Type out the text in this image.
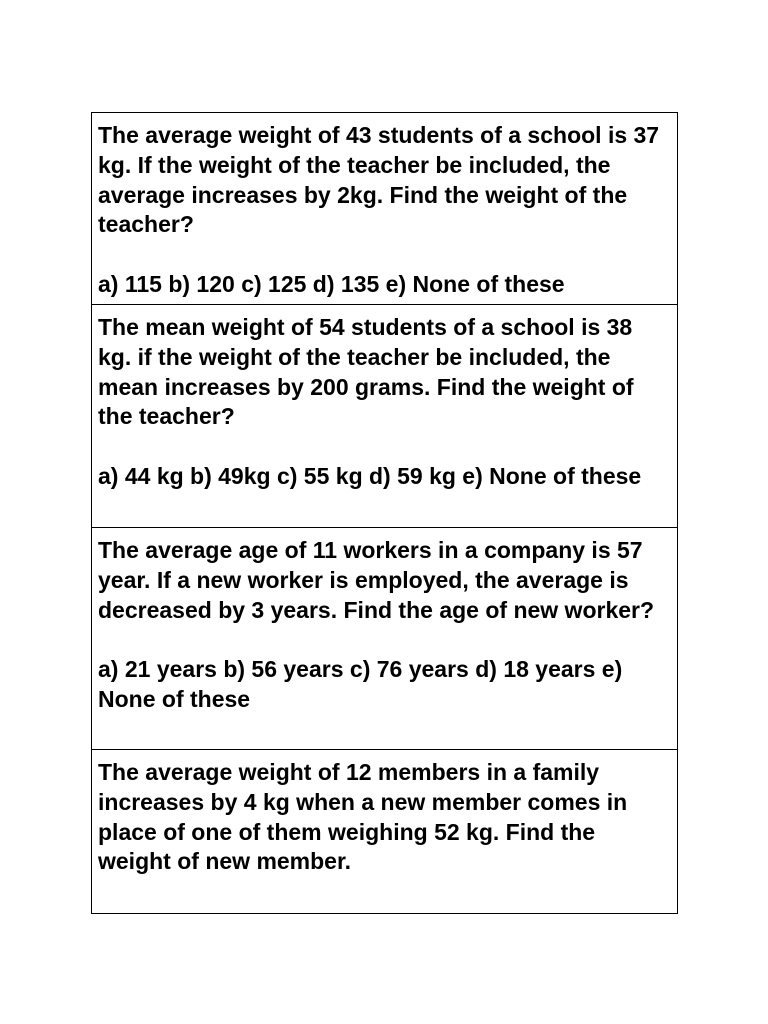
The average weight of 43 students of a school is 37 kg. If the weight of the teacher be included, the average increases by 2kg. Find the weight of the teacher?
a) 115 b) 120 c) 125 d) 135 e) None of these
The mean weight of 54 students of a school is 38 kg. if the weight of the teacher be included, the mean increases by 200 grams. Find the weight of the teacher?
a) 44 kg b) 49kg c) 55 kg d) 59 kg e) None of these
The average age of 11 workers in a company is 57 year. If a new worker is employed, the average is decreased by 3 years. Find the age of new worker?
a) 21 years b) 56 years c) 76 years d) 18 years e) None of these
The average weight of 12 members in a family increases by 4 kg when a new member comes in place of one of them weighing 52 kg. Find the weight of new member.
